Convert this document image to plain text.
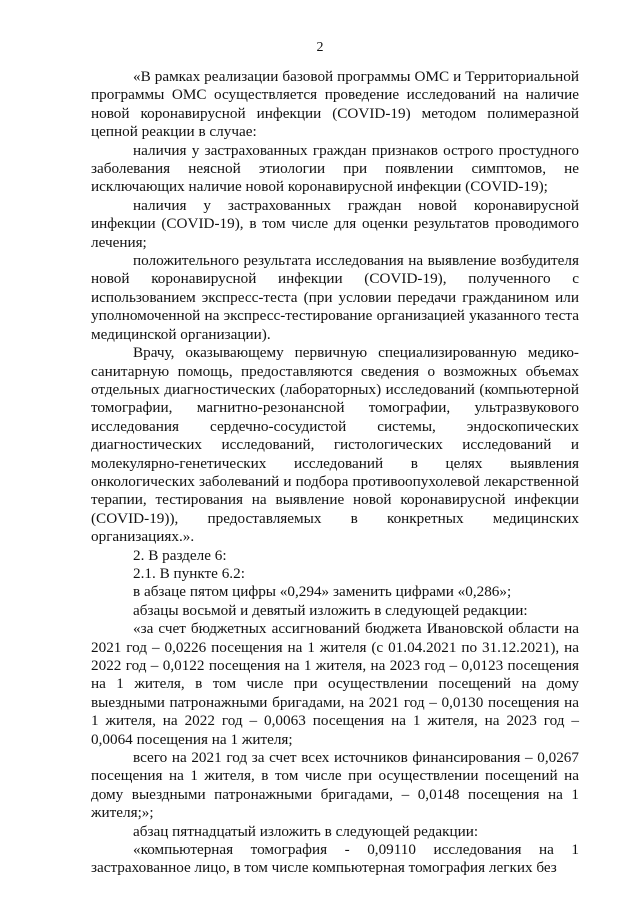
2

«В рамках реализации базовой программы ОМС и Территориальной программы ОМС осуществляется проведение исследований на наличие новой коронавирусной инфекции (COVID-19) методом полимеразной цепной реакции в случае:

наличия у застрахованных граждан признаков острого простудного заболевания неясной этиологии при появлении симптомов, не исключающих наличие новой коронавирусной инфекции (COVID-19);

наличия у застрахованных граждан новой коронавирусной инфекции (COVID-19), в том числе для оценки результатов проводимого лечения;

положительного результата исследования на выявление возбудителя новой коронавирусной инфекции (COVID-19), полученного с использованием экспресс-теста (при условии передачи гражданином или уполномоченной на экспресс-тестирование организацией указанного теста медицинской организации).

Врачу, оказывающему первичную специализированную медико-санитарную помощь, предоставляются сведения о возможных объемах отдельных диагностических (лабораторных) исследований (компьютерной томографии, магнитно-резонансной томографии, ультразвукового исследования сердечно-сосудистой системы, эндоскопических диагностических исследований, гистологических исследований и молекулярно-генетических исследований в целях выявления онкологических заболеваний и подбора противоопухолевой лекарственной терапии, тестирования на выявление новой коронавирусной инфекции (COVID-19)), предоставляемых в конкретных медицинских организациях.».

2. В разделе 6:

2.1. В пункте 6.2:

в абзаце пятом цифры «0,294» заменить цифрами «0,286»;

абзацы восьмой и девятый изложить в следующей редакции:

«за счет бюджетных ассигнований бюджета Ивановской области на 2021 год – 0,0226 посещения на 1 жителя (с 01.04.2021 по 31.12.2021), на 2022 год – 0,0122 посещения на 1 жителя, на 2023 год – 0,0123 посещения на 1 жителя, в том числе при осуществлении посещений на дому выездными патронажными бригадами, на 2021 год – 0,0130 посещения на 1 жителя, на 2022 год – 0,0063 посещения на 1 жителя, на 2023 год – 0,0064 посещения на 1 жителя;

всего на 2021 год за счет всех источников финансирования – 0,0267 посещения на 1 жителя, в том числе при осуществлении посещений на дому выездными патронажными бригадами, – 0,0148 посещения на 1 жителя;»;

абзац пятнадцатый изложить в следующей редакции:

«компьютерная томография - 0,09110 исследования на 1 застрахованное лицо, в том числе компьютерная томография легких без
